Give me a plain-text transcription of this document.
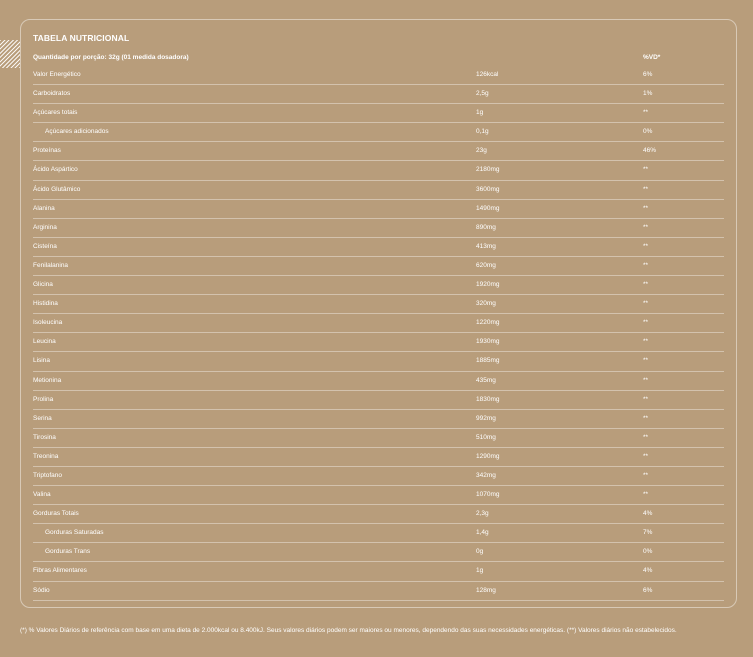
TABELA NUTRICIONAL
Quantidade por porção: 32g (01 medida dosadora)	%VD*
Valor Energético	126kcal	6%
Carboidratos	2,5g	1%
Açúcares totais	1g	**
Açúcares adicionados	0,1g	0%
Proteínas	23g	46%
Ácido Aspártico	2180mg	**
Ácido Glutâmico	3600mg	**
Alanina	1490mg	**
Arginina	890mg	**
Cisteína	413mg	**
Fenilalanina	620mg	**
Glicina	1920mg	**
Histidina	320mg	**
Isoleucina	1220mg	**
Leucina	1930mg	**
Lisina	1885mg	**
Metionina	435mg	**
Prolina	1830mg	**
Serina	992mg	**
Tirosina	510mg	**
Treonina	1290mg	**
Triptofano	342mg	**
Valina	1070mg	**
Gorduras Totais	2,3g	4%
Gorduras Saturadas	1,4g	7%
Gorduras Trans	0g	0%
Fibras Alimentares	1g	4%
Sódio	128mg	6%
(*) % Valores Diários de referência com base em uma dieta de 2.000kcal ou 8.400kJ. Seus valores diários podem ser maiores ou menores, dependendo das suas necessidades energéticas. (**) Valores diários não estabelecidos.
